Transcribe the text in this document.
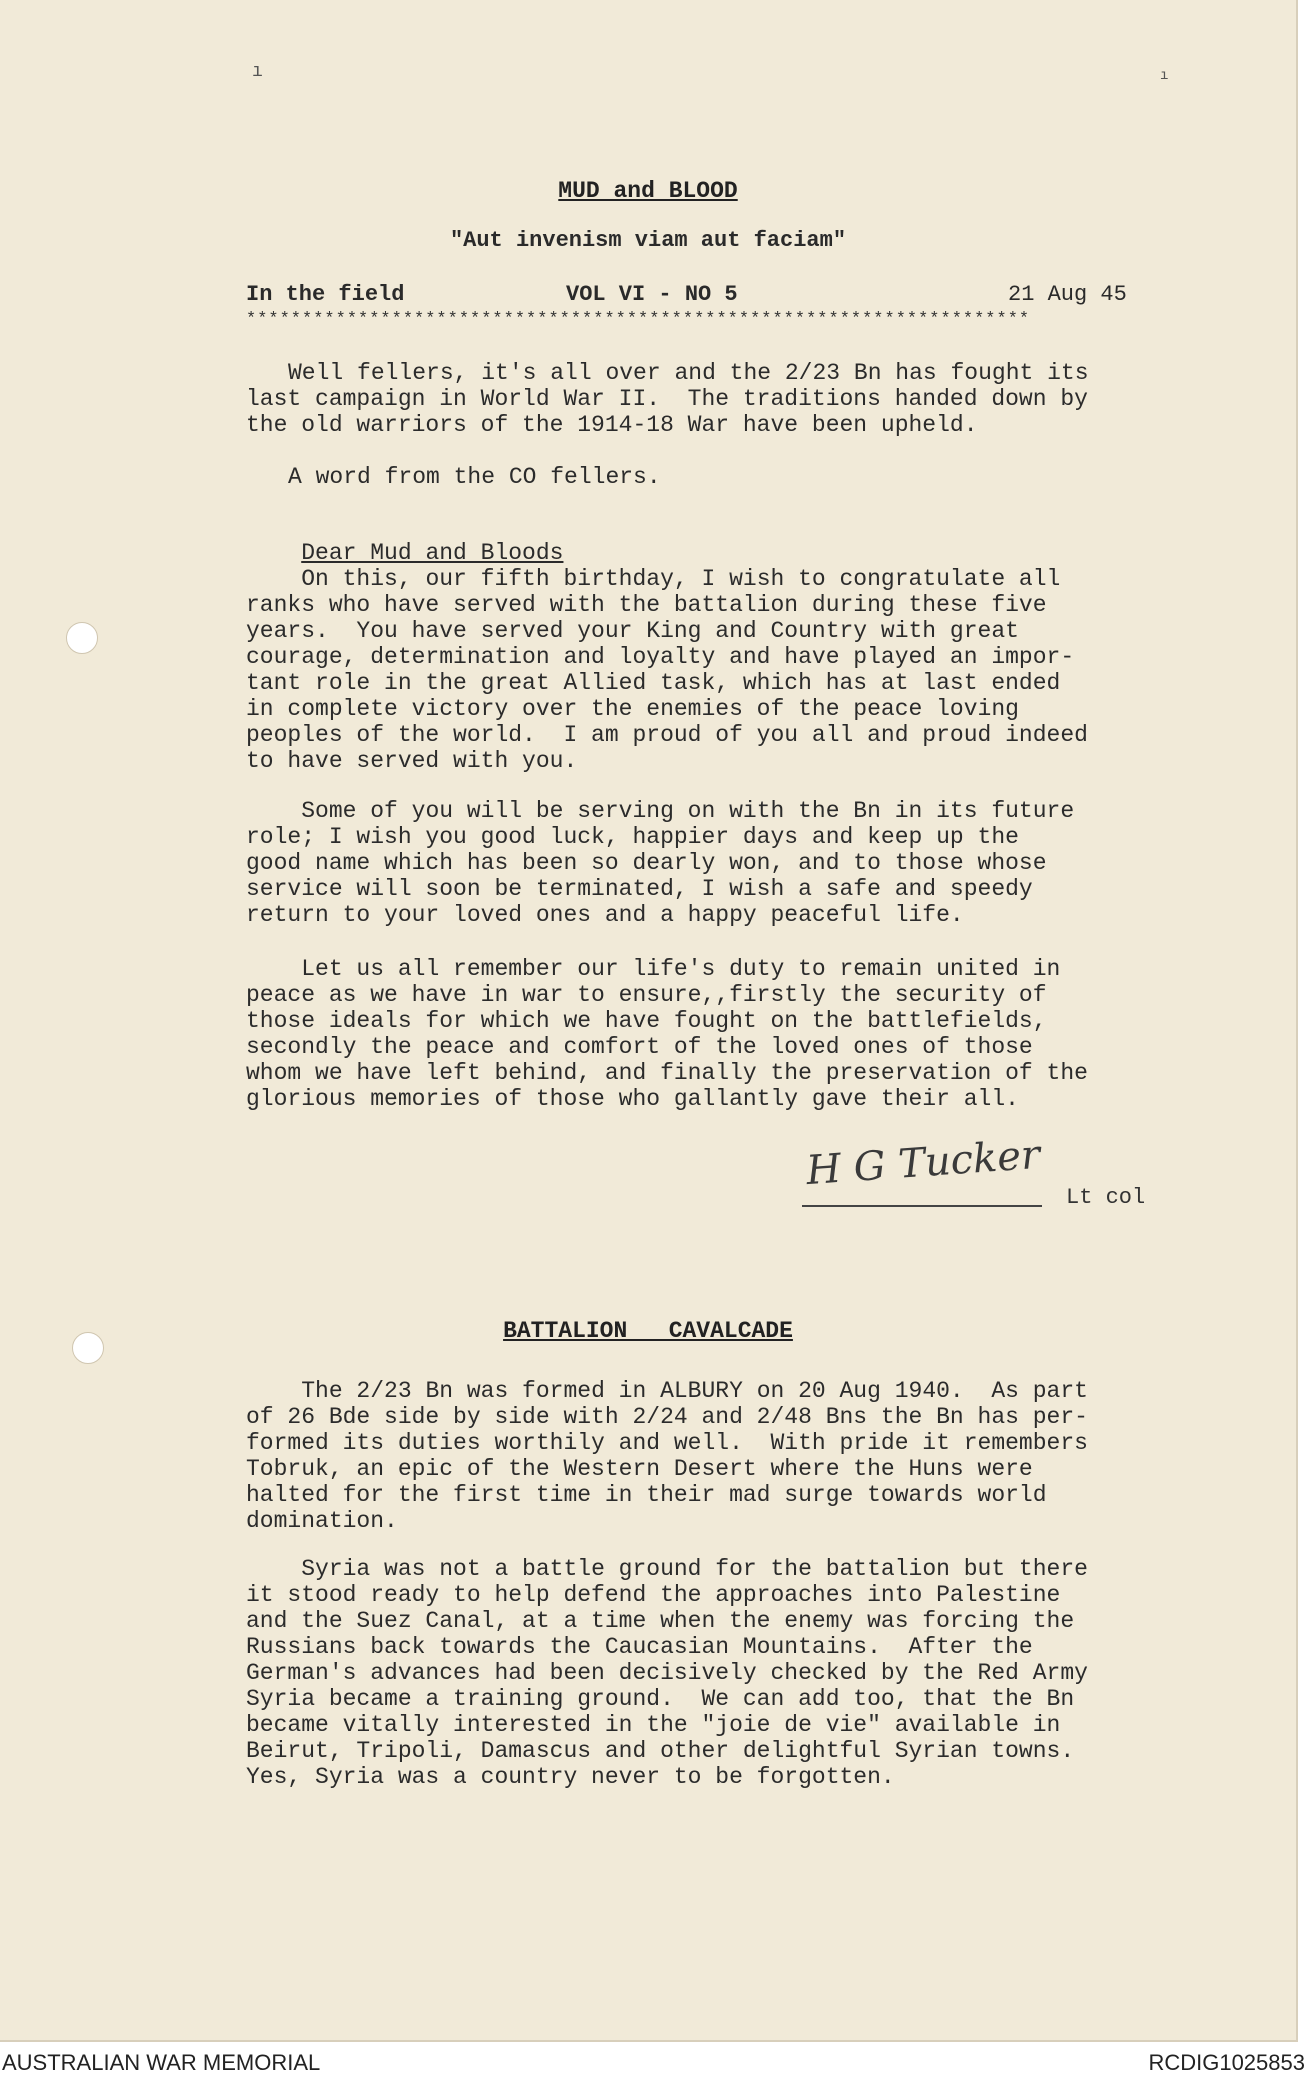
ı	ı
MUD and BLOOD
"Aut invenism viam aut faciam"
In the field	VOL VI - NO 5	21 Aug 45
**********************************************************************
Well fellers, it's all over and the 2/23 Bn has fought its
last campaign in World War II.  The traditions handed down by
the old warriors of the 1914-18 War have been upheld.
A word from the CO fellers.

Dear Mud and Bloods

On this, our fifth birthday, I wish to congratulate all
ranks who have served with the battalion during these five
years.  You have served your King and Country with great
courage, determination and loyalty and have played an impor-
tant role in the great Allied task, which has at last ended
in complete victory over the enemies of the peace loving
peoples of the world.  I am proud of you all and proud indeed
to have served with you.
Some of you will be serving on with the Bn in its future
role; I wish you good luck, happier days and keep up the
good name which has been so dearly won, and to those whose
service will soon be terminated, I wish a safe and speedy
return to your loved ones and a happy peaceful life.
Let us all remember our life's duty to remain united in
peace as we have in war to ensure,,firstly the security of
those ideals for which we have fought on the battlefields,
secondly the peace and comfort of the loved ones of those
whom we have left behind, and finally the preservation of the
glorious memories of those who gallantly gave their all.
H G Tucker
Lt col
BATTALION   CAVALCADE
The 2/23 Bn was formed in ALBURY on 20 Aug 1940.  As part
of 26 Bde side by side with 2/24 and 2/48 Bns the Bn has per-
formed its duties worthily and well.  With pride it remembers
Tobruk, an epic of the Western Desert where the Huns were
halted for the first time in their mad surge towards world
domination.
Syria was not a battle ground for the battalion but there
it stood ready to help defend the approaches into Palestine
and the Suez Canal, at a time when the enemy was forcing the
Russians back towards the Caucasian Mountains.  After the
German's advances had been decisively checked by the Red Army
Syria became a training ground.  We can add too, that the Bn
became vitally interested in the "joie de vie" available in
Beirut, Tripoli, Damascus and other delightful Syrian towns.
Yes, Syria was a country never to be forgotten.
AUSTRALIAN WAR MEMORIAL	RCDIG1025853
